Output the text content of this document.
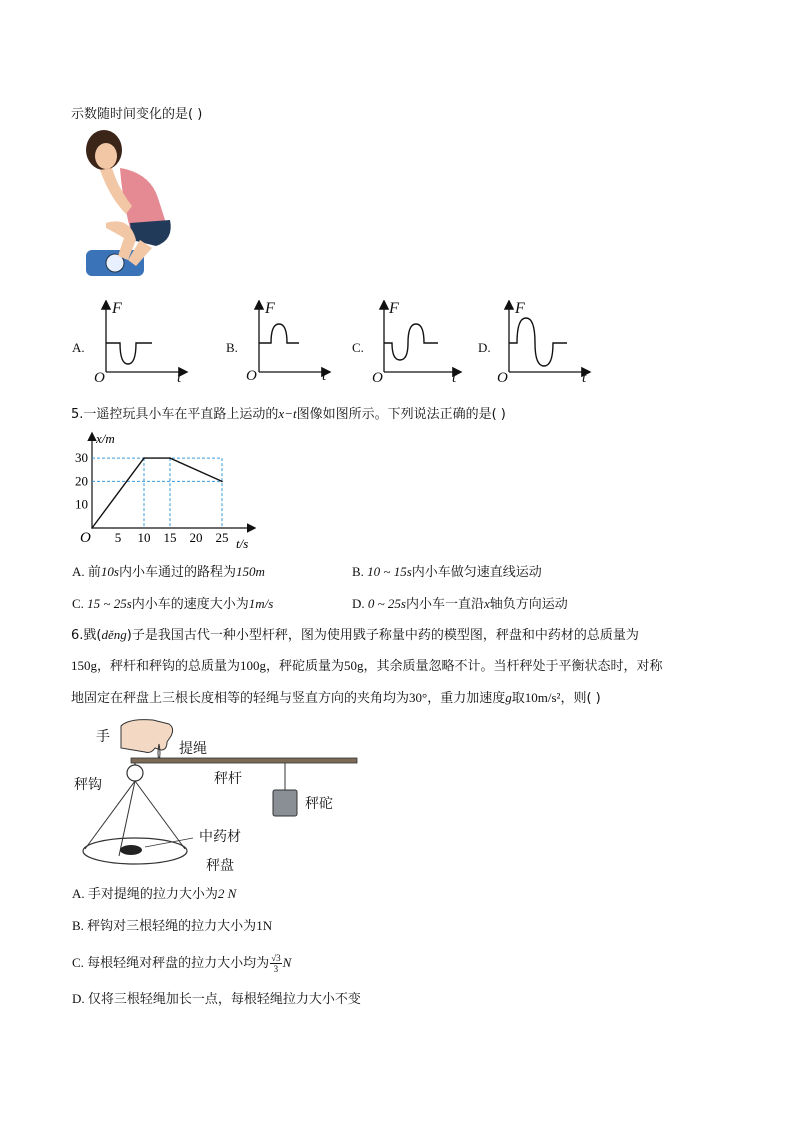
示数随时间变化的是( )
A.
F
O	t
B.
F
O	t
C.
F
O	t
D.
F
O	t
5.一遥控玩具小车在平直路上运动的x−t图像如图所示。下列说法正确的是( )
5 10 15 20 25
10
20
30
O
x/m
t/s
A. 前10s内小车通过的路程为150m	B. 10 ~ 15s内小车做匀速直线运动
C. 15 ~ 25s内小车的速度大小为1m/s	D. 0 ~ 25s内小车一直沿x轴负方向运动
6.戥(děng)子是我国古代一种小型杆秤，图为使用戥子称量中药的模型图，秤盘和中药材的总质量为
150g，秤杆和秤钩的总质量为100g，秤砣质量为50g，其余质量忽略不计。当杆秤处于平衡状态时，对称
地固定在秤盘上三根长度相等的轻绳与竖直方向的夹角均为30°，重力加速度g取10m/s²，则( )
手
提绳
秤钩	秤杆
秤砣
中药材
秤盘
A. 手对提绳的拉力大小为2 N
B. 秤钩对三根轻绳的拉力大小为1N
C. 每根轻绳对秤盘的拉力大小均为 $\frac{√3}{3}$ N
D. 仅将三根轻绳加长一点，每根轻绳拉力大小不变
